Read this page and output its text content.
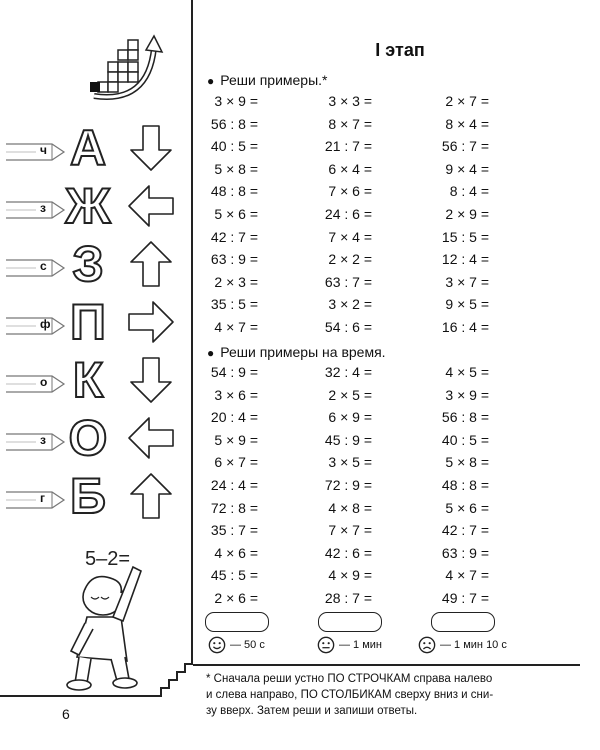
ч А
з Ж
с З
ф П
о К
з О
г Б
5–2=
I этап
● Реши примеры.*
3 × 9 =	3 × 3 =	2 × 7 =
56 : 8 =	8 × 7 =	8 × 4 =
40 : 5 =	21 : 7 =	56 : 7 =
5 × 8 =	6 × 4 =	9 × 4 =
48 : 8 =	7 × 6 =	8 : 4 =
5 × 6 =	24 : 6 =	2 × 9 =
42 : 7 =	7 × 4 =	15 : 5 =
63 : 9 =	2 × 2 =	12 : 4 =
2 × 3 =	63 : 7 =	3 × 7 =
35 : 5 =	3 × 2 =	9 × 5 =
4 × 7 =	54 : 6 =	16 : 4 =
● Реши примеры на время.
54 : 9 =	32 : 4 =	4 × 5 =
3 × 6 =	2 × 5 =	3 × 9 =
20 : 4 =	6 × 9 =	56 : 8 =
5 × 9 =	45 : 9 =	40 : 5 =
6 × 7 =	3 × 5 =	5 × 8 =
24 : 4 =	72 : 9 =	48 : 8 =
72 : 8 =	4 × 8 =	5 × 6 =
35 : 7 =	7 × 7 =	42 : 7 =
4 × 6 =	42 : 6 =	63 : 9 =
45 : 5 =	4 × 9 =	4 × 7 =
2 × 6 =	28 : 7 =	49 : 7 =
— 50 с	— 1 мин	— 1 мин 10 с
* Сначала реши устно ПО СТРОЧКАМ справа налево
и слева направо, ПО СТОЛБИКАМ сверху вниз и сни-
зу вверх. Затем реши и запиши ответы.
6
